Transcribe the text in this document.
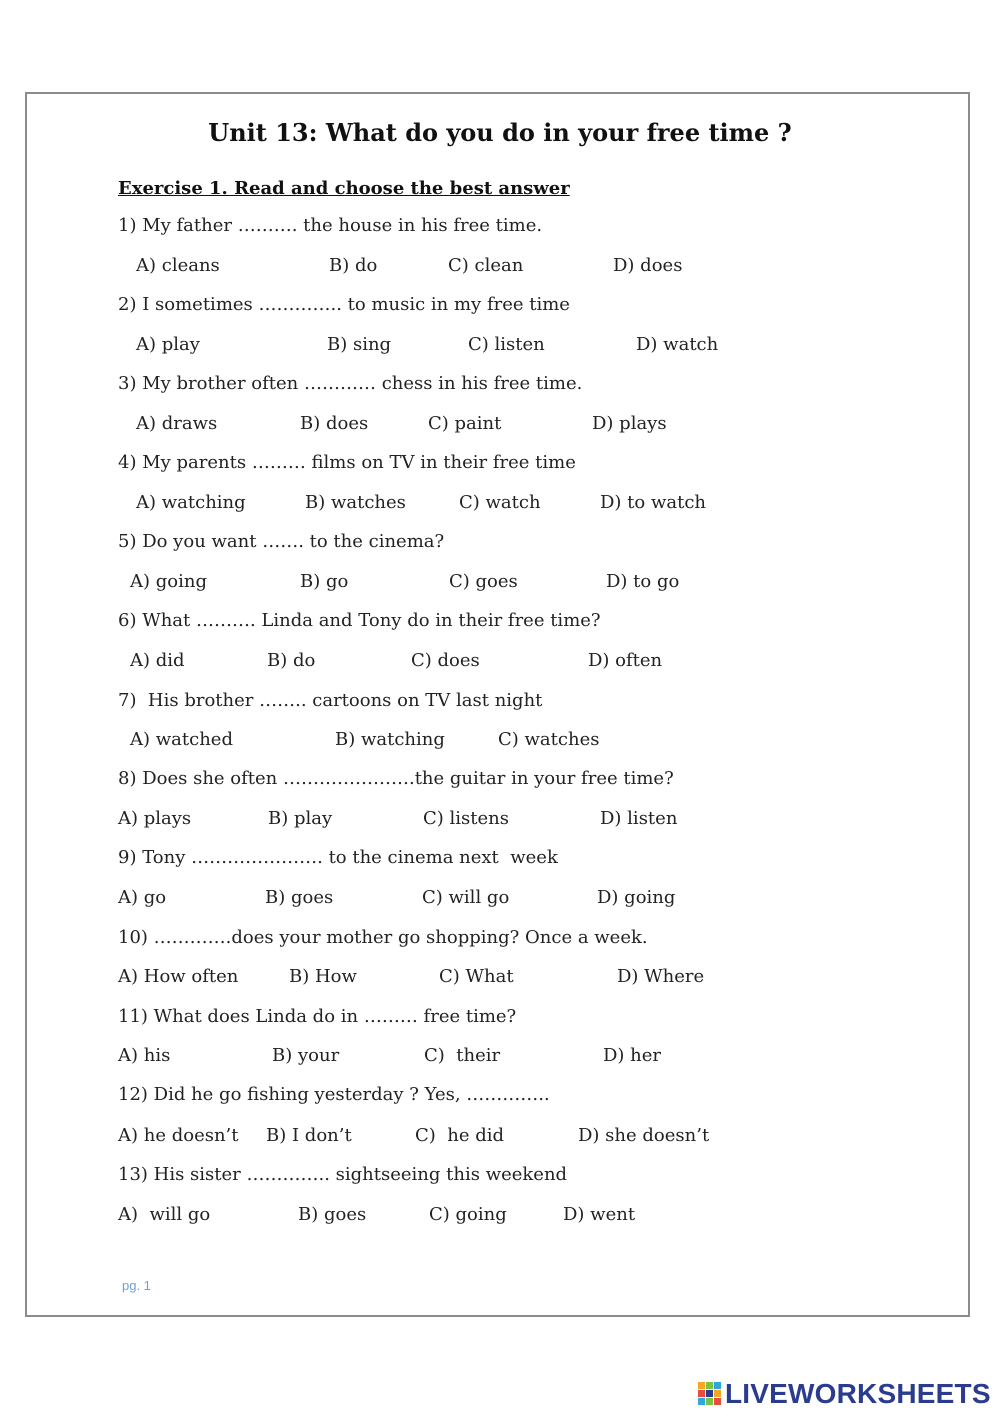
Unit 13: What do you do in your free time ?
Exercise 1. Read and choose the best answer
1) My father ………. the house in his free time.
2) I sometimes ………….. to music in my free time
3) My brother often ………… chess in his free time.
4) My parents ……… films on TV in their free time
5) Do you want ……. to the cinema?
6) What ………. Linda and Tony do in their free time?
7)  His brother …….. cartoons on TV last night
8) Does she often ………………….the guitar in your free time?
9) Tony …………………. to the cinema next  week
10) ………….does your mother go shopping? Once a week.
11) What does Linda do in ……… free time?
12) Did he go fishing yesterday ? Yes, …………..
13) His sister ………….. sightseeing this weekend
A) cleans	B) do	C) clean	D) does
A) play	B) sing	C) listen	D) watch
A) draws	B) does	C) paint	D) plays
A) watching	B) watches	C) watch	D) to watch
A) going	B) go	C) goes	D) to go
A) did	B) do	C) does	D) often
A) watched	B) watching	C) watches
A) plays	B) play	C) listens	D) listen
A) go	B) goes	C) will go	D) going
A) How often	B) How	C) What	D) Where
A) his	B) your	C)  their	D) her
A) he doesn’t B) I don’t	C)  he did	D) she doesn’t
A)  will go	B) goes	C) going	D) went
pg. 1
LIVEWORKSHEETS
